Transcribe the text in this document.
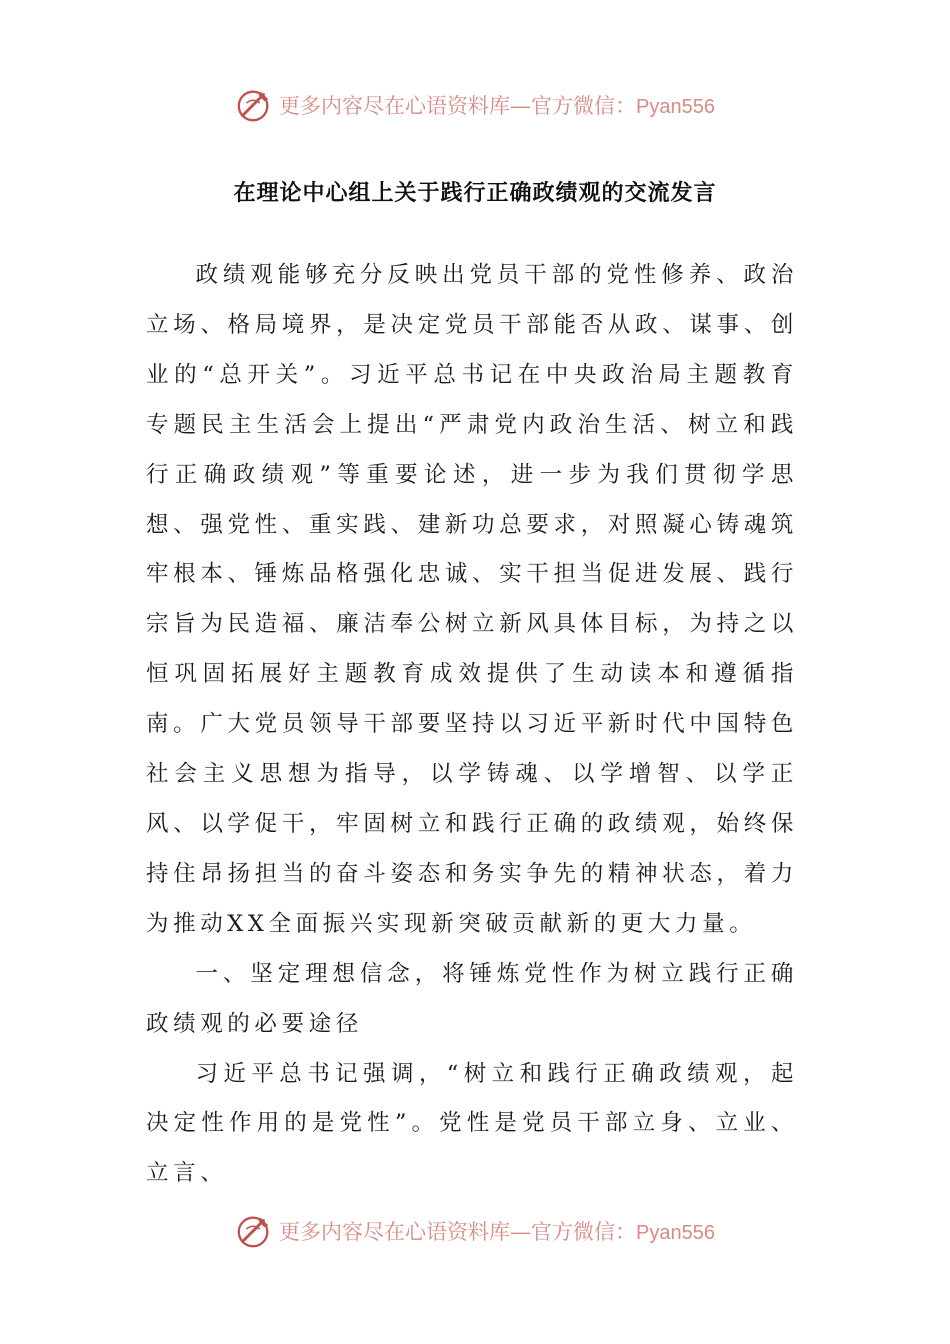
更多内容尽在心语资料库—官方微信：Pyan556
在理论中心组上关于践行正确政绩观的交流发言

政绩观能够充分反映出党员干部的党性修养、政治立场、格局境界，是决定党员干部能否从政、谋事、创业的“总开关”。习近平总书记在中央政治局主题教育专题民主生活会上提出“严肃党内政治生活、树立和践行正确政绩观”等重要论述，进一步为我们贯彻学思想、强党性、重实践、建新功总要求，对照凝心铸魂筑牢根本、锤炼品格强化忠诚、实干担当促进发展、践行宗旨为民造福、廉洁奉公树立新风具体目标，为持之以恒巩固拓展好主题教育成效提供了生动读本和遵循指南。广大党员领导干部要坚持以习近平新时代中国特色社会主义思想为指导，以学铸魂、以学增智、以学正风、以学促干，牢固树立和践行正确的政绩观，始终保持住昂扬担当的奋斗姿态和务实争先的精神状态，着力为推动XX全面振兴实现新突破贡献新的更大力量。

一、坚定理想信念，将锤炼党性作为树立践行正确政绩观的必要途径

习近平总书记强调，“树立和践行正确政绩观，起决定性作用的是党性”。党性是党员干部立身、立业、立言、

更多内容尽在心语资料库—官方微信：Pyan556
